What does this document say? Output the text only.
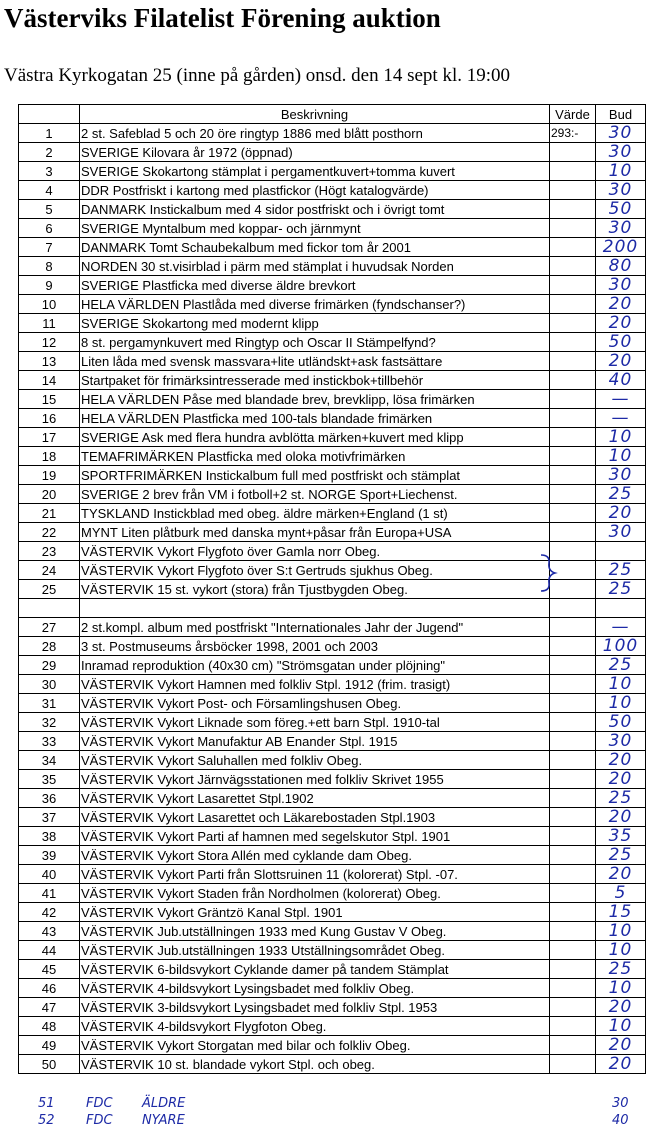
Västerviks Filatelist Förening auktion
Västra Kyrkogatan 25 (inne på gården) onsd. den 14 sept kl. 19:00
	Beskrivning	Värde	Bud
1	2 st. Safeblad 5 och 20 öre ringtyp 1886 med blått posthorn	293:-	30
2	SVERIGE Kilovara år 1972 (öppnad)		30
3	SVERIGE Skokartong stämplat i pergamentkuvert+tomma kuvert		10
4	DDR Postfriskt i kartong med plastfickor (Högt katalogvärde)		30
5	DANMARK Instickalbum med 4 sidor postfriskt och i övrigt tomt		50
6	SVERIGE Myntalbum med koppar- och järnmynt		30
7	DANMARK Tomt Schaubekalbum med fickor tom år 2001		200
8	NORDEN 30 st.visirblad i pärm med stämplat i huvudsak Norden		80
9	SVERIGE Plastficka med diverse äldre brevkort		30
10	HELA VÄRLDEN Plastlåda med diverse frimärken (fyndschanser?)		20
11	SVERIGE Skokartong med modernt klipp		20
12	8 st. pergamynkuvert med Ringtyp och Oscar II Stämpelfynd?		50
13	Liten låda med svensk massvara+lite utländskt+ask fastsättare		20
14	Startpaket för frimärksintresserade med instickbok+tillbehör		40
15	HELA VÄRLDEN Påse med blandade brev, brevklipp, lösa frimärken		—
16	HELA VÄRLDEN Plastficka med 100-tals blandade frimärken		—
17	SVERIGE Ask med flera hundra avblötta märken+kuvert med klipp		10
18	TEMAFRIMÄRKEN Plastficka med oloka motivfrimärken		10
19	SPORTFRIMÄRKEN Instickalbum full med postfriskt och stämplat		30
20	SVERIGE 2 brev från VM i fotboll+2 st. NORGE Sport+Liechenst.		25
21	TYSKLAND Instickblad med obeg. äldre märken+England (1 st)		20
22	MYNT Liten plåtburk med danska mynt+påsar från Europa+USA		30
23	VÄSTERVIK Vykort Flygfoto över Gamla norr Obeg.		
24	VÄSTERVIK Vykort Flygfoto över S:t Gertruds sjukhus Obeg.		25
25	VÄSTERVIK 15 st. vykort (stora) från Tjustbygden Obeg.		25

27	2 st.kompl. album med postfriskt "Internationales Jahr der Jugend"		—
28	3 st. Postmuseums årsböcker 1998, 2001 och 2003		100
29	Inramad reproduktion (40x30 cm) "Strömsgatan under plöjning"		25
30	VÄSTERVIK Vykort Hamnen med folkliv Stpl. 1912 (frim. trasigt)		10
31	VÄSTERVIK Vykort Post- och Församlingshusen Obeg.		10
32	VÄSTERVIK Vykort Liknade som föreg.+ett barn Stpl. 1910-tal		50
33	VÄSTERVIK Vykort Manufaktur AB Enander Stpl. 1915		30
34	VÄSTERVIK Vykort Saluhallen med folkliv Obeg.		20
35	VÄSTERVIK Vykort Järnvägsstationen med folkliv Skrivet 1955		20
36	VÄSTERVIK Vykort Lasarettet Stpl.1902		25
37	VÄSTERVIK Vykort Lasarettet och Läkarebostaden Stpl.1903		20
38	VÄSTERVIK Vykort Parti af hamnen med segelskutor Stpl. 1901		35
39	VÄSTERVIK Vykort Stora Allén med cyklande dam Obeg.		25
40	VÄSTERVIK Vykort Parti från Slottsruinen 11 (kolorerat) Stpl. -07.		20
41	VÄSTERVIK Vykort Staden från Nordholmen (kolorerat) Obeg.		5
42	VÄSTERVIK Vykort Gräntzö Kanal Stpl. 1901		15
43	VÄSTERVIK Jub.utställningen 1933 med Kung Gustav V Obeg.		10
44	VÄSTERVIK Jub.utställningen 1933 Utställningsområdet Obeg.		10
45	VÄSTERVIK 6-bildsvykort Cyklande damer på tandem Stämplat		25
46	VÄSTERVIK 4-bildsvykort Lysingsbadet med folkliv Obeg.		10
47	VÄSTERVIK 3-bildsvykort Lysingsbadet med folkliv Stpl. 1953		20
48	VÄSTERVIK 4-bildsvykort Flygfoton Obeg.		10
49	VÄSTERVIK Vykort Storgatan med bilar och folkliv Obeg.		20
50	VÄSTERVIK 10 st. blandade vykort Stpl. och obeg.		20
51 FDC ÄLDRE	30
52 FDC NYARE	40
